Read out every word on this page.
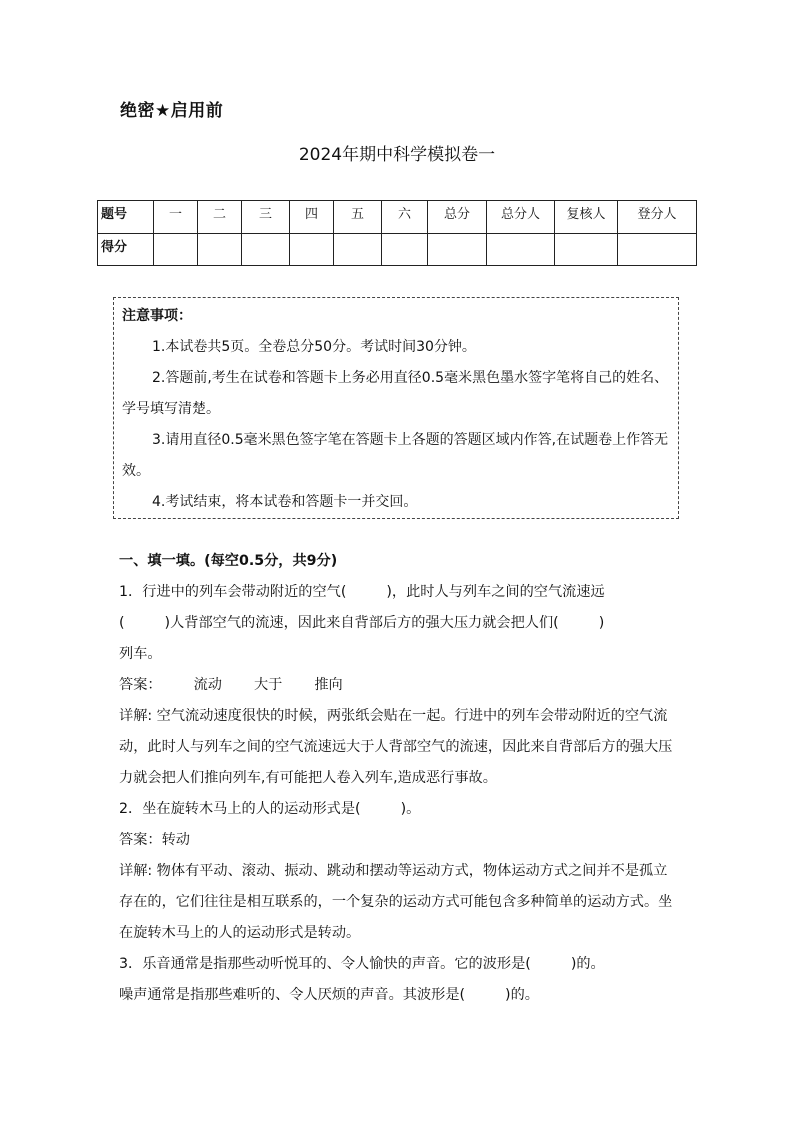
绝密★启用前
2024年期中科学模拟卷一
题号	一	二	三	四	五	六	总分	总分人	复核人	登分人
得分										
注意事项：

1.本试卷共5页。全卷总分50分。考试时间30分钟。

2.答题前,考生在试卷和答题卡上务必用直径0.5毫米黑色墨水签字笔将自己的姓名、学号填写清楚。

3.请用直径0.5毫米黑色签字笔在答题卡上各题的答题区域内作答,在试题卷上作答无效。

4.考试结束，将本试卷和答题卡一并交回。

一、填一填。(每空0.5分，共9分)

1．行进中的列车会带动附近的空气(	)，此时人与列车之间的空气流速远
(	)人背部空气的流速，因此来自背部后方的强大压力就会把人们(	)
列车。

答案： 流动 大于 推向

详解: 空气流动速度很快的时候，两张纸会贴在一起。行进中的列车会带动附近的空气流动，此时人与列车之间的空气流速远大于人背部空气的流速，因此来自背部后方的强大压力就会把人们推向列车,有可能把人卷入列车,造成恶行事故。

2．坐在旋转木马上的人的运动形式是(	)。

答案：转动

详解: 物体有平动、滚动、振动、跳动和摆动等运动方式，物体运动方式之间并不是孤立存在的，它们往往是相互联系的，一个复杂的运动方式可能包含多种简单的运动方式。坐在旋转木马上的人的运动形式是转动。

3．乐音通常是指那些动听悦耳的、令人愉快的声音。它的波形是(	)的。
噪声通常是指那些难听的、令人厌烦的声音。其波形是(	)的。
